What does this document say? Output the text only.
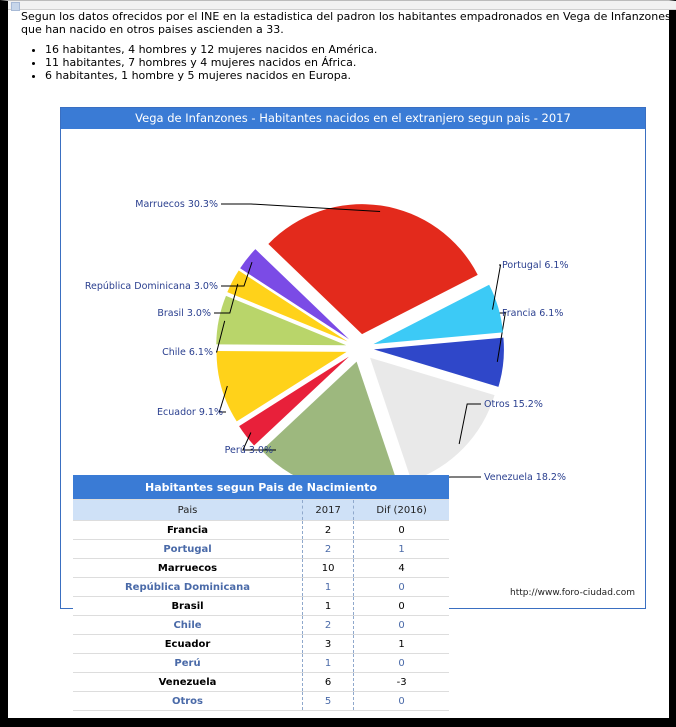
Segun los datos ofrecidos por el INE en la estadistica del padron los habitantes empadronados en Vega de Infanzones que han nacido en otros paises ascienden a 33.

• 16 habitantes, 4 hombres y 12 mujeres nacidos en América.
• 11 habitantes, 7 hombres y 4 mujeres nacidos en África.
• 6 habitantes, 1 hombre y 5 mujeres nacidos en Europa.
Vega de Infanzones - Habitantes nacidos en el extranjero segun pais - 2017
Francia 6.1%
Otros 15.2%
Venezuela 18.2%
Perú 3.0%
Ecuador 9.1%
Chile 6.1%
Brasil 3.0%
República Dominicana 3.0%
Marruecos 30.3%
Portugal 6.1%
http://www.foro-ciudad.com
Habitantes segun Pais de Nacimiento		
Pais	2017	Dif (2016)
Francia	2	0
Portugal	2	1
Marruecos	10	4
República Dominicana	1	0
Brasil	1	0
Chile	2	0
Ecuador	3	1
Perú	1	0
Venezuela	6	-3
Otros	5	0
